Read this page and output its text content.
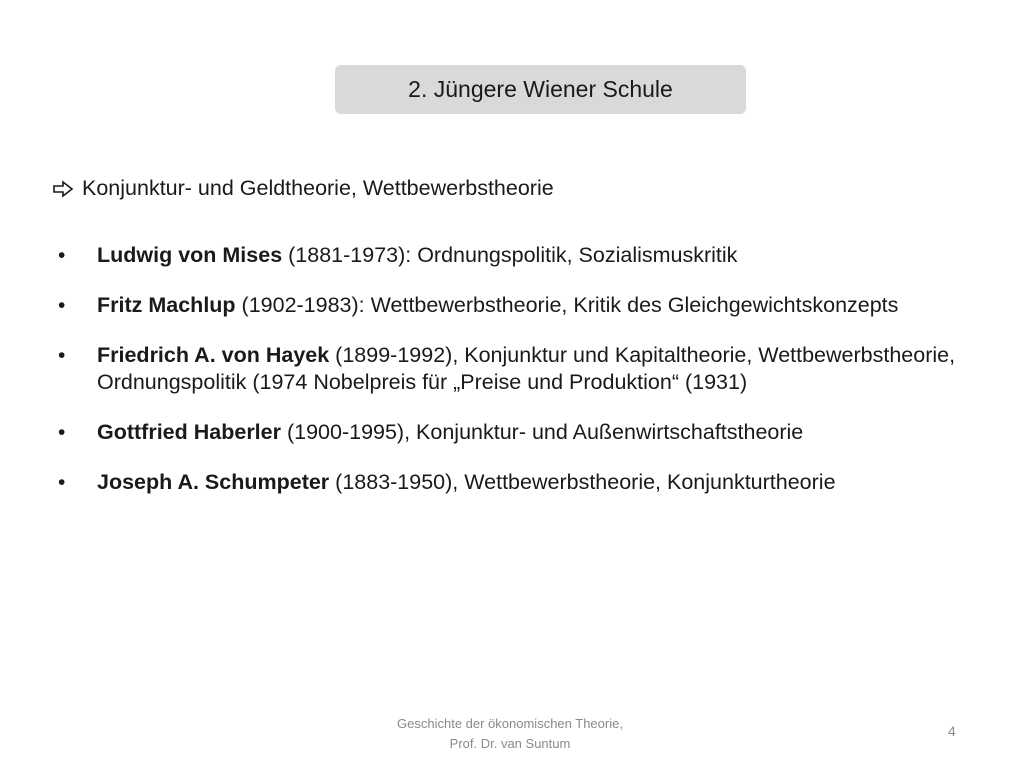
2. Jüngere Wiener Schule
Konjunktur- und Geldtheorie, Wettbewerbstheorie
• Ludwig von Mises (1881-1973): Ordnungspolitik, Sozialismuskritik
• Fritz Machlup (1902-1983): Wettbewerbstheorie, Kritik des Gleichgewichtskonzepts
• Friedrich A. von Hayek (1899-1992), Konjunktur und Kapitaltheorie, Wettbewerbstheorie, Ordnungspolitik (1974 Nobelpreis für „Preise und Produktion“ (1931)
• Gottfried Haberler (1900-1995), Konjunktur- und Außenwirtschaftstheorie
• Joseph A. Schumpeter (1883-1950), Wettbewerbstheorie, Konjunkturtheorie
Geschichte der ökonomischen Theorie,
Prof. Dr. van Suntum
4
